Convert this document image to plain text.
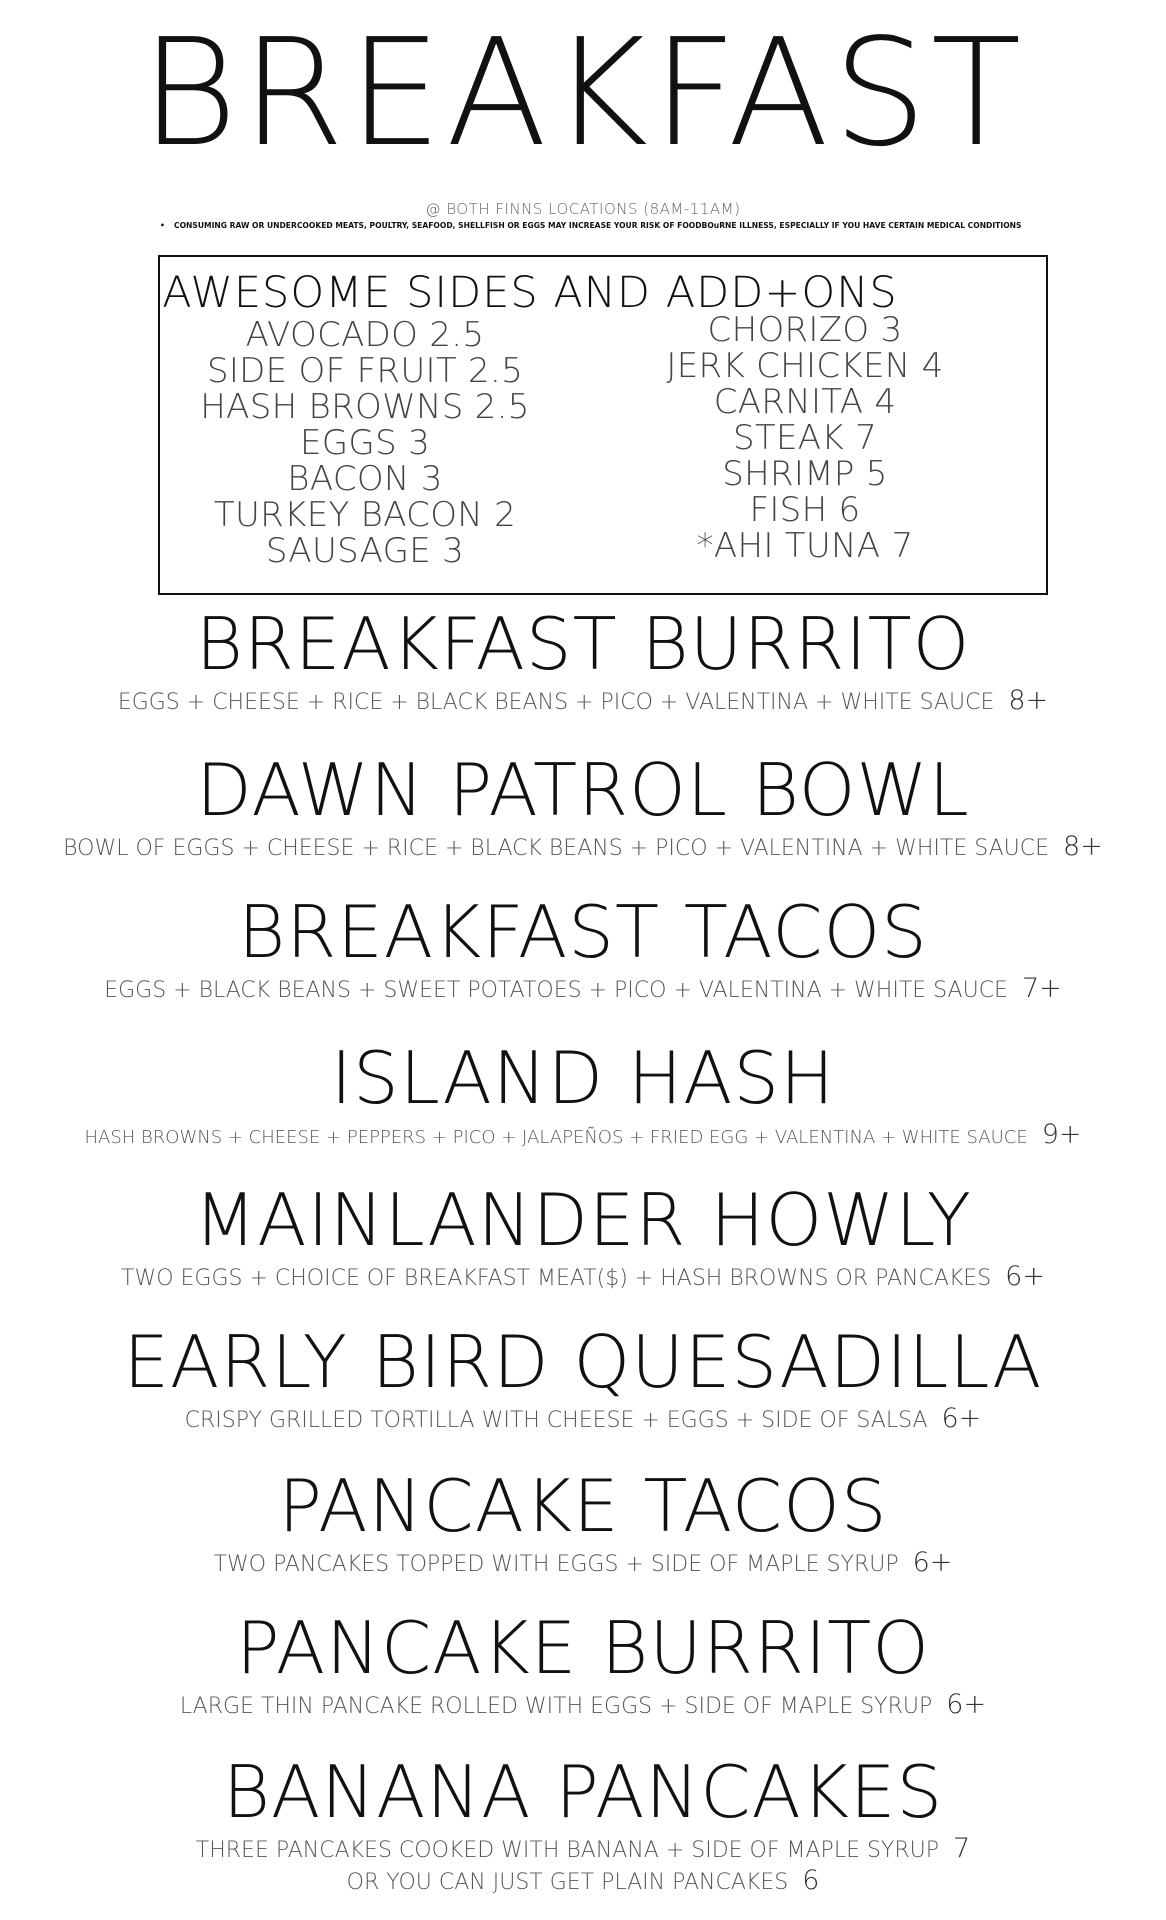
BREAKFAST
@ BOTH FINNS LOCATIONS (8AM-11AM)
• CONSUMING RAW OR UNDERCOOKED MEATS, POULTRY, SEAFOOD, SHELLFISH OR EGGS MAY INCREASE YOUR RISK OF FOODBOuRNE ILLNESS, ESPECIALLY IF YOU HAVE CERTAIN MEDICAL CONDITIONS
AWESOME SIDES AND ADD+ONS
AVOCADO 2.5
SIDE OF FRUIT 2.5
HASH BROWNS 2.5
EGGS 3
BACON 3
TURKEY BACON 2
SAUSAGE 3
CHORIZO 3
JERK CHICKEN 4
CARNITA 4
STEAK 7
SHRIMP 5
FISH 6
*AHI TUNA 7
BREAKFAST BURRITO
EGGS + CHEESE + RICE + BLACK BEANS + PICO + VALENTINA + WHITE SAUCE 8+
DAWN PATROL BOWL
BOWL OF EGGS + CHEESE + RICE + BLACK BEANS + PICO + VALENTINA + WHITE SAUCE 8+
BREAKFAST TACOS
EGGS + BLACK BEANS + SWEET POTATOES + PICO + VALENTINA + WHITE SAUCE 7+
ISLAND HASH
HASH BROWNS + CHEESE + PEPPERS + PICO + JALAPEÑOS + FRIED EGG + VALENTINA + WHITE SAUCE 9+
MAINLANDER HOWLY
TWO EGGS + CHOICE OF BREAKFAST MEAT($) + HASH BROWNS OR PANCAKES 6+
EARLY BIRD QUESADILLA
CRISPY GRILLED TORTILLA WITH CHEESE + EGGS + SIDE OF SALSA 6+
PANCAKE TACOS
TWO PANCAKES TOPPED WITH EGGS + SIDE OF MAPLE SYRUP 6+
PANCAKE BURRITO
LARGE THIN PANCAKE ROLLED WITH EGGS + SIDE OF MAPLE SYRUP 6+
BANANA PANCAKES
THREE PANCAKES COOKED WITH BANANA + SIDE OF MAPLE SYRUP 7
OR YOU CAN JUST GET PLAIN PANCAKES 6
